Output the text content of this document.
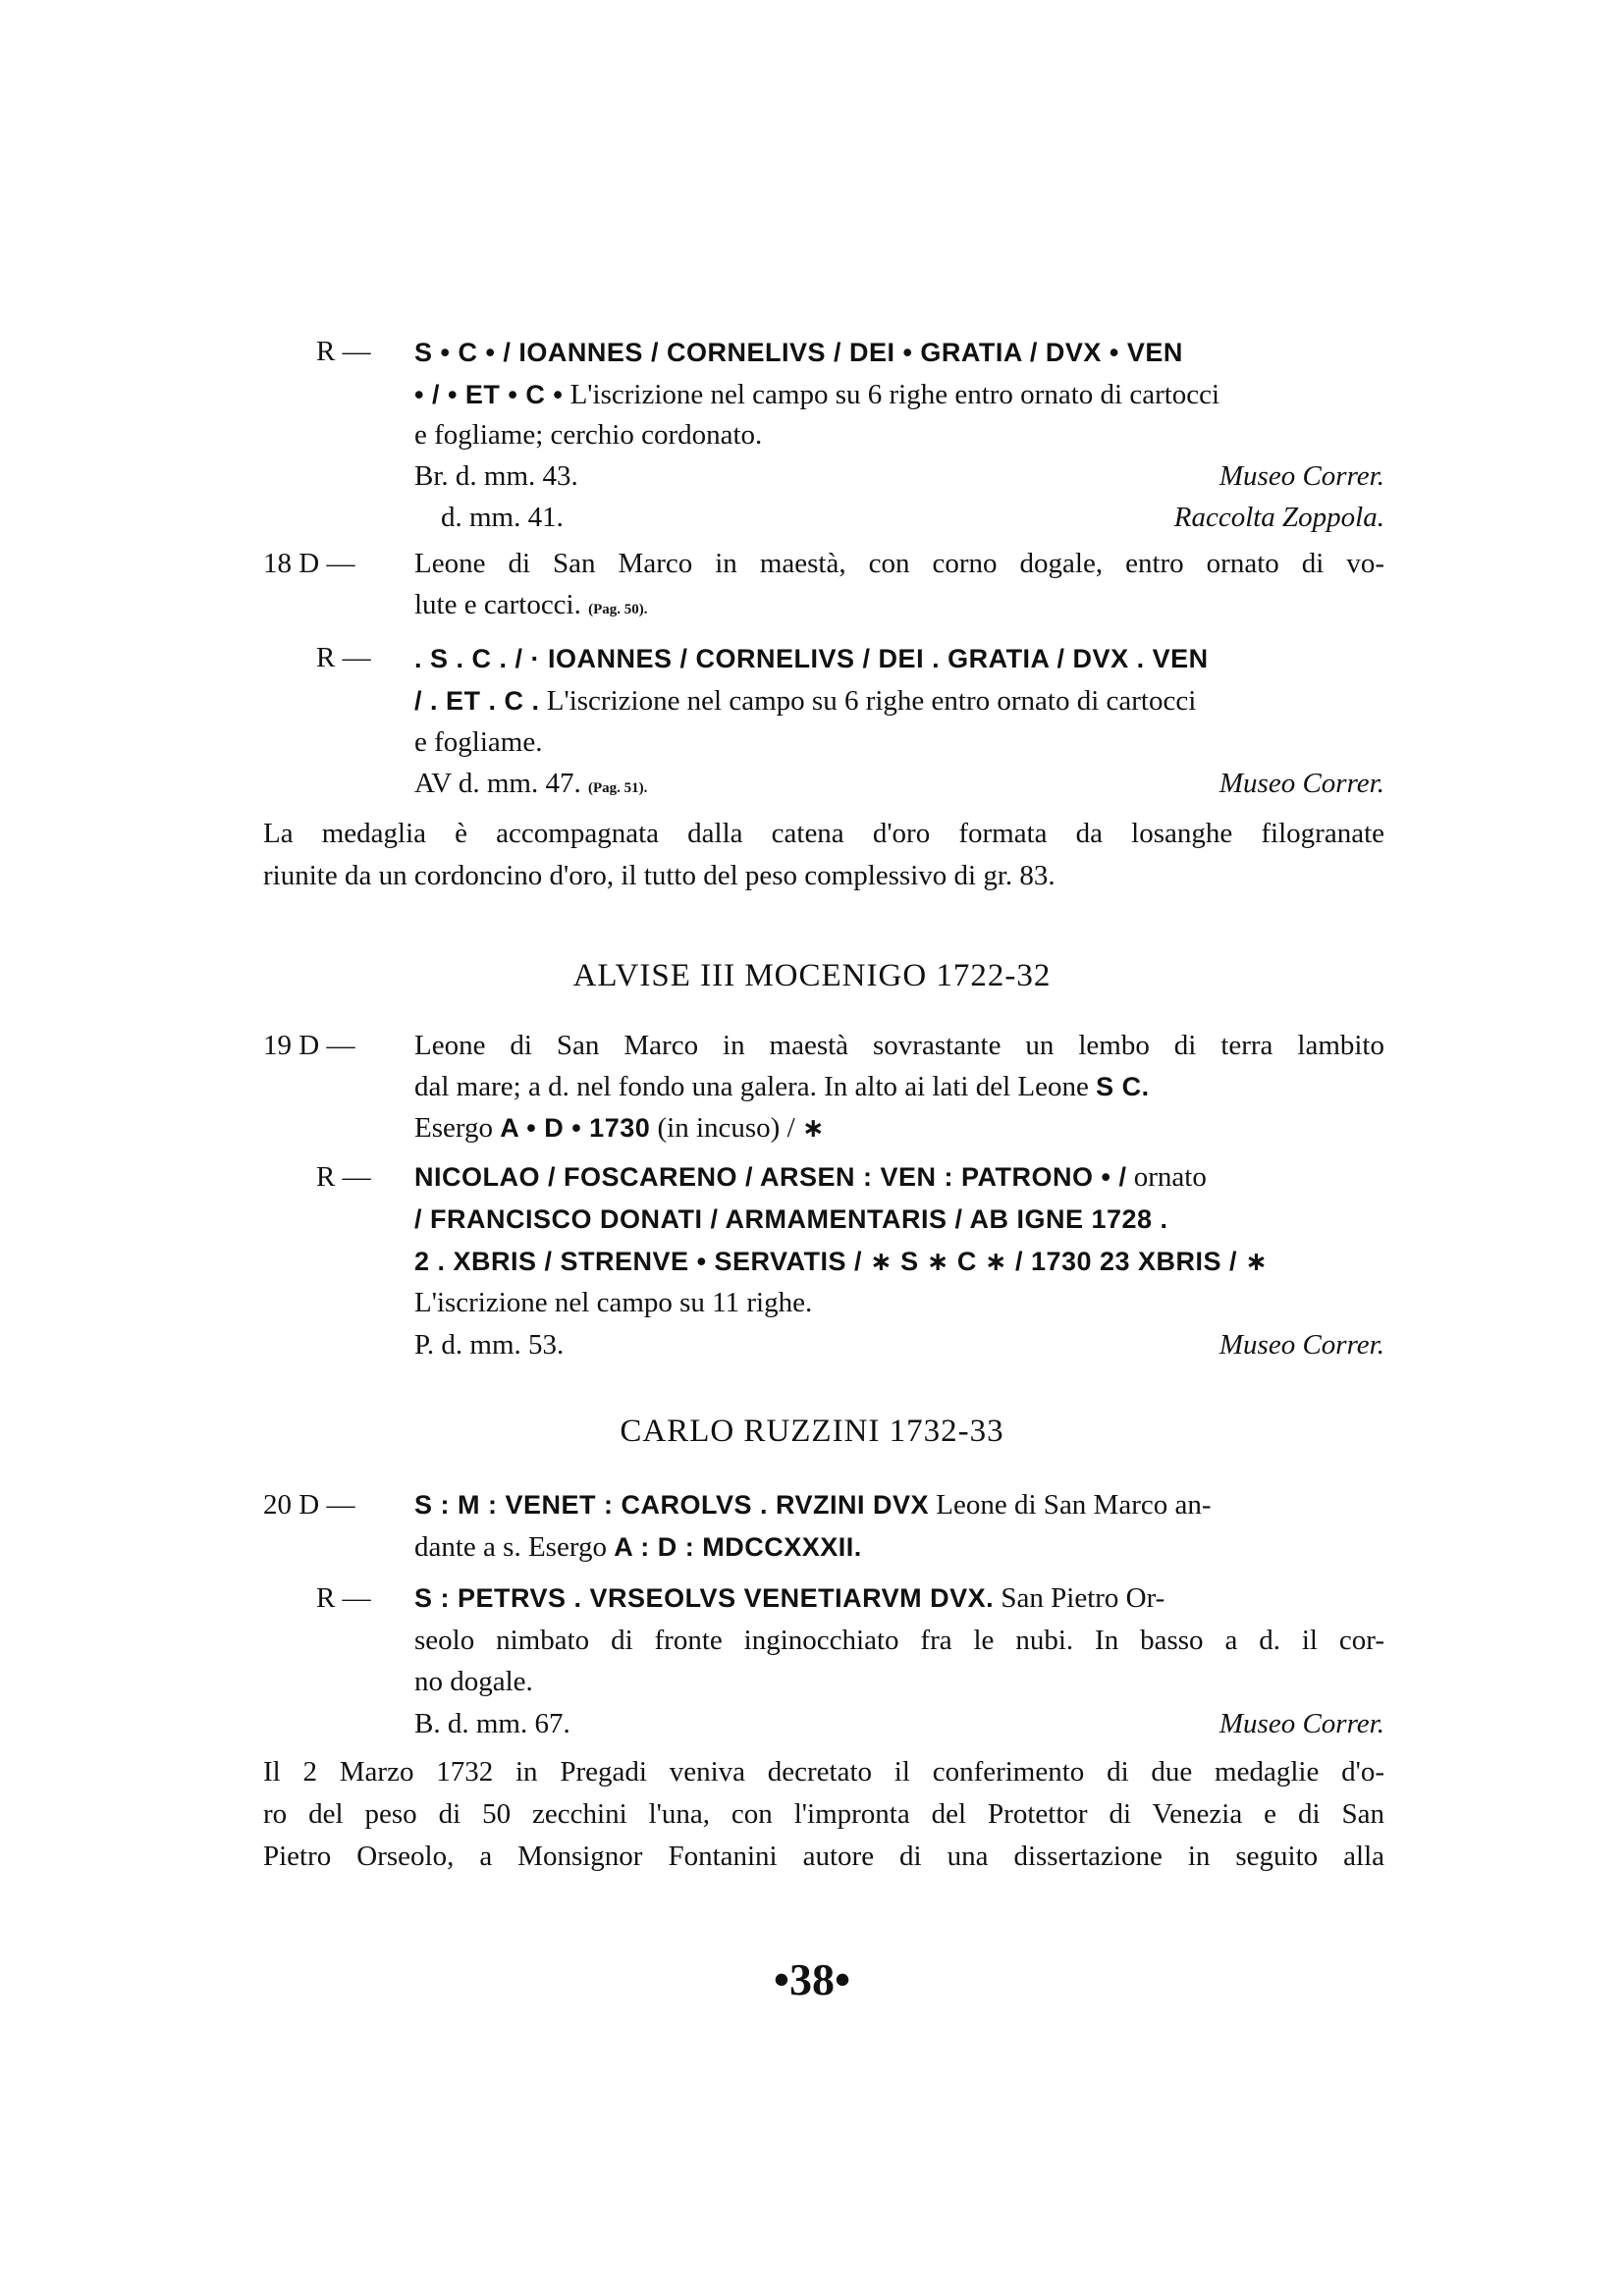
R — S • C • / IOANNES / CORNELIVS / DEI • GRATIA / DVX • VEN
• / • ET • C • L'iscrizione nel campo su 6 righe entro ornato di cartocci
e fogliame; cerchio cordonato.
Br. d. mm. 43.	Museo Correr.
d. mm. 41.	Raccolta Zoppola.
18 D — Leone di San Marco in maestà, con corno dogale, entro ornato di vo-
lute e cartocci. (Pag. 50).
R — . S . C . / · IOANNES / CORNELIVS / DEI . GRATIA / DVX . VEN
/ . ET . C . L'iscrizione nel campo su 6 righe entro ornato di cartocci
e fogliame.
AV d. mm. 47. (Pag. 51).	Museo Correr.
La medaglia è accompagnata dalla catena d'oro formata da losanghe filogranate
riunite da un cordoncino d'oro, il tutto del peso complessivo di gr. 83.
ALVISE III MOCENIGO 1722-32
19 D — Leone di San Marco in maestà sovrastante un lembo di terra lambito
dal mare; a d. nel fondo una galera. In alto ai lati del Leone S C.
Esergo A • D • 1730 (in incuso) / ∗
R — NICOLAO / FOSCARENO / ARSEN : VEN : PATRONO • / ornato
/ FRANCISCO DONATI / ARMAMENTARIS / AB IGNE 1728 .
2 . XBRIS / STRENVE • SERVATIS / ∗ S ∗ C ∗ / 1730 23 XBRIS / ∗
L'iscrizione nel campo su 11 righe.
P. d. mm. 53.	Museo Correr.
CARLO RUZZINI 1732-33
20 D — S : M : VENET : CAROLVS . RVZINI DVX Leone di San Marco an-
dante a s. Esergo A : D : MDCCXXXII.
R — S : PETRVS . VRSEOLVS VENETIARVM DVX. San Pietro Or-
seolo nimbato di fronte inginocchiato fra le nubi. In basso a d. il cor-
no dogale.
B. d. mm. 67.	Museo Correr.
Il 2 Marzo 1732 in Pregadi veniva decretato il conferimento di due medaglie d'o-
ro del peso di 50 zecchini l'una, con l'impronta del Protettor di Venezia e di San
Pietro Orseolo, a Monsignor Fontanini autore di una dissertazione in seguito alla
•38•
